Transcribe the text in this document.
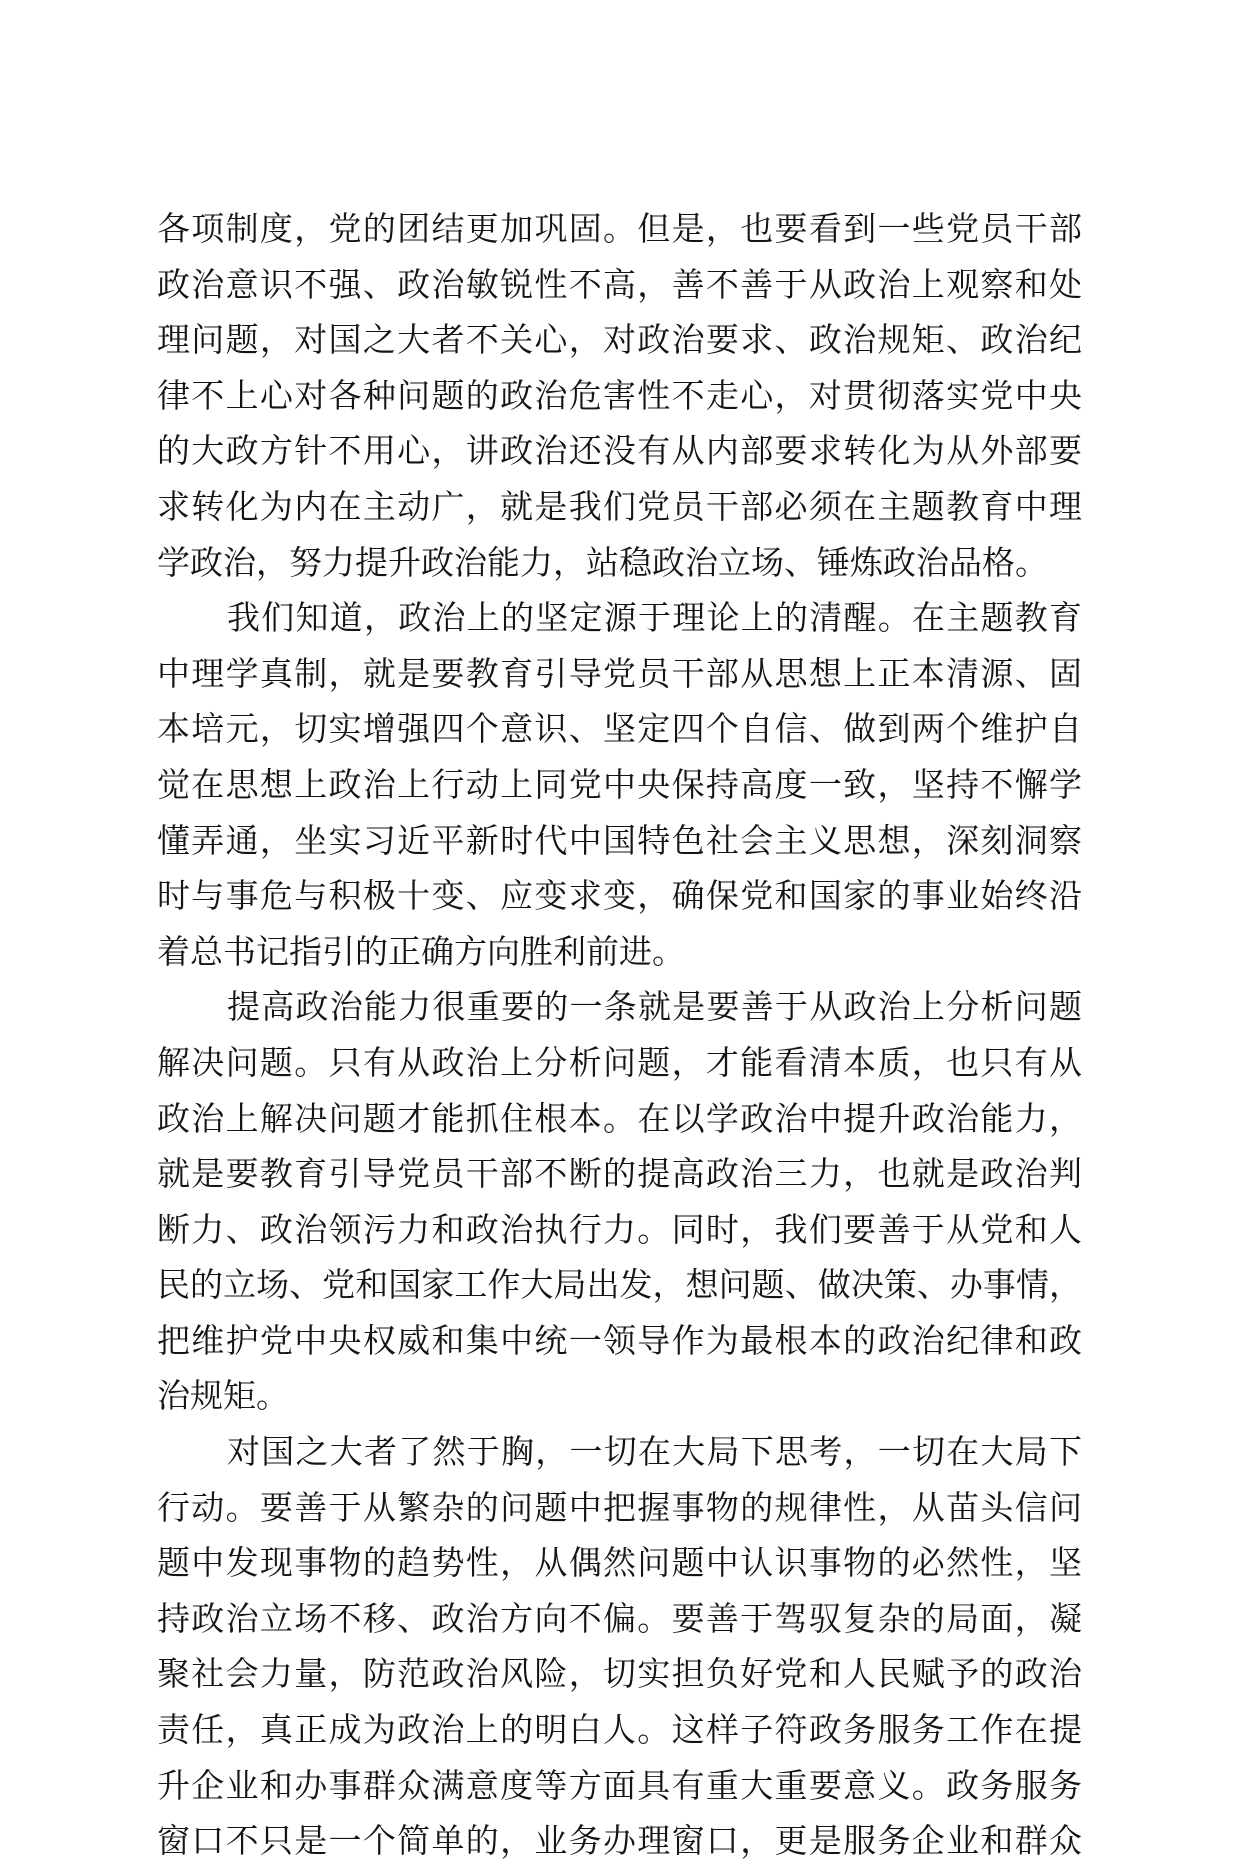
各项制度，党的团结更加巩固。但是，也要看到一些党员干部
政治意识不强、政治敏锐性不高，善不善于从政治上观察和处
理问题，对国之大者不关心，对政治要求、政治规矩、政治纪
律不上心对各种问题的政治危害性不走心，对贯彻落实党中央
的大政方针不用心，讲政治还没有从内部要求转化为从外部要
求转化为内在主动广，就是我们党员干部必须在主题教育中理
学政治，努力提升政治能力，站稳政治立场、锤炼政治品格。
我们知道，政治上的坚定源于理论上的清醒。在主题教育
中理学真制，就是要教育引导党员干部从思想上正本清源、固
本培元，切实增强四个意识、坚定四个自信、做到两个维护自
觉在思想上政治上行动上同党中央保持高度一致，坚持不懈学
懂弄通，坐实习近平新时代中国特色社会主义思想，深刻洞察
时与事危与积极十变、应变求变，确保党和国家的事业始终沿
着总书记指引的正确方向胜利前进。
提高政治能力很重要的一条就是要善于从政治上分析问题
解决问题。只有从政治上分析问题，才能看清本质，也只有从
政治上解决问题才能抓住根本。在以学政治中提升政治能力，
就是要教育引导党员干部不断的提高政治三力，也就是政治判
断力、政治领污力和政治执行力。同时，我们要善于从党和人
民的立场、党和国家工作大局出发，想问题、做决策、办事情，
把维护党中央权威和集中统一领导作为最根本的政治纪律和政
治规矩。
对国之大者了然于胸，一切在大局下思考，一切在大局下
行动。要善于从繁杂的问题中把握事物的规律性，从苗头信问
题中发现事物的趋势性，从偶然问题中认识事物的必然性，坚
持政治立场不移、政治方向不偏。要善于驾驭复杂的局面，凝
聚社会力量，防范政治风险，切实担负好党和人民赋予的政治
责任，真正成为政治上的明白人。这样子符政务服务工作在提
升企业和办事群众满意度等方面具有重大重要意义。政务服务
窗口不只是一个简单的，业务办理窗口，更是服务企业和群众
